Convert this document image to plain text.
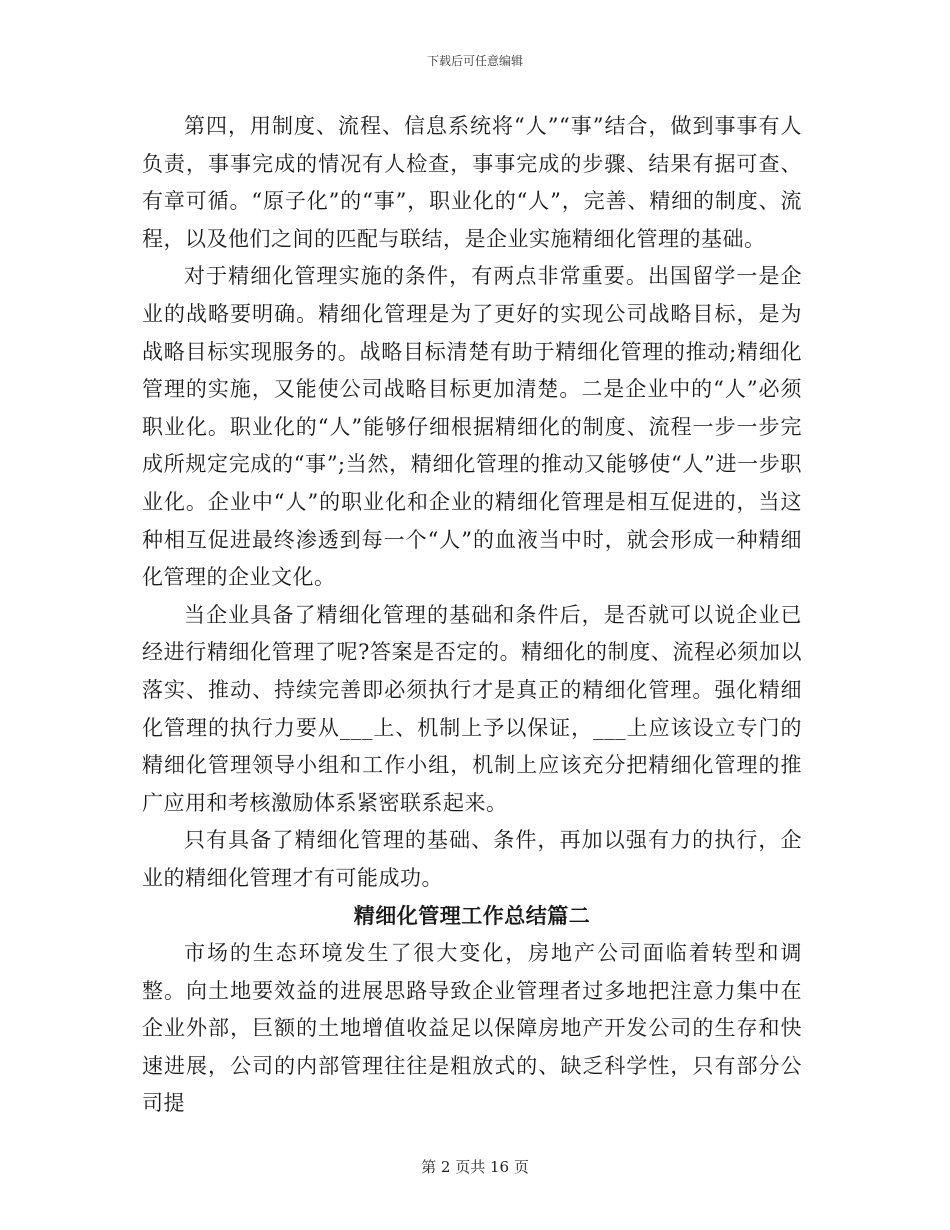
下载后可任意编辑

第四，用制度、流程、信息系统将“人”“事”结合，做到事事有人负责，事事完成的情况有人检查，事事完成的步骤、结果有据可查、有章可循。“原子化”的“事”，职业化的“人”，完善、精细的制度、流程，以及他们之间的匹配与联结，是企业实施精细化管理的基础。

对于精细化管理实施的条件，有两点非常重要。出国留学一是企业的战略要明确。精细化管理是为了更好的实现公司战略目标，是为战略目标实现服务的。战略目标清楚有助于精细化管理的推动;精细化管理的实施，又能使公司战略目标更加清楚。二是企业中的“人”必须职业化。职业化的“人”能够仔细根据精细化的制度、流程一步一步完成所规定完成的“事”;当然，精细化管理的推动又能够使“人”进一步职业化。企业中“人”的职业化和企业的精细化管理是相互促进的，当这种相互促进最终渗透到每一个“人”的血液当中时，就会形成一种精细化管理的企业文化。

当企业具备了精细化管理的基础和条件后，是否就可以说企业已经进行精细化管理了呢?答案是否定的。精细化的制度、流程必须加以落实、推动、持续完善即必须执行才是真正的精细化管理。强化精细化管理的执行力要从___上、机制上予以保证，___上应该设立专门的精细化管理领导小组和工作小组，机制上应该充分把精细化管理的推广应用和考核激励体系紧密联系起来。

只有具备了精细化管理的基础、条件，再加以强有力的执行，企业的精细化管理才有可能成功。

精细化管理工作总结篇二

市场的生态环境发生了很大变化，房地产公司面临着转型和调整。向土地要效益的进展思路导致企业管理者过多地把注意力集中在企业外部，巨额的土地增值收益足以保障房地产开发公司的生存和快速进展，公司的内部管理往往是粗放式的、缺乏科学性，只有部分公司提

第 2 页共 16 页
